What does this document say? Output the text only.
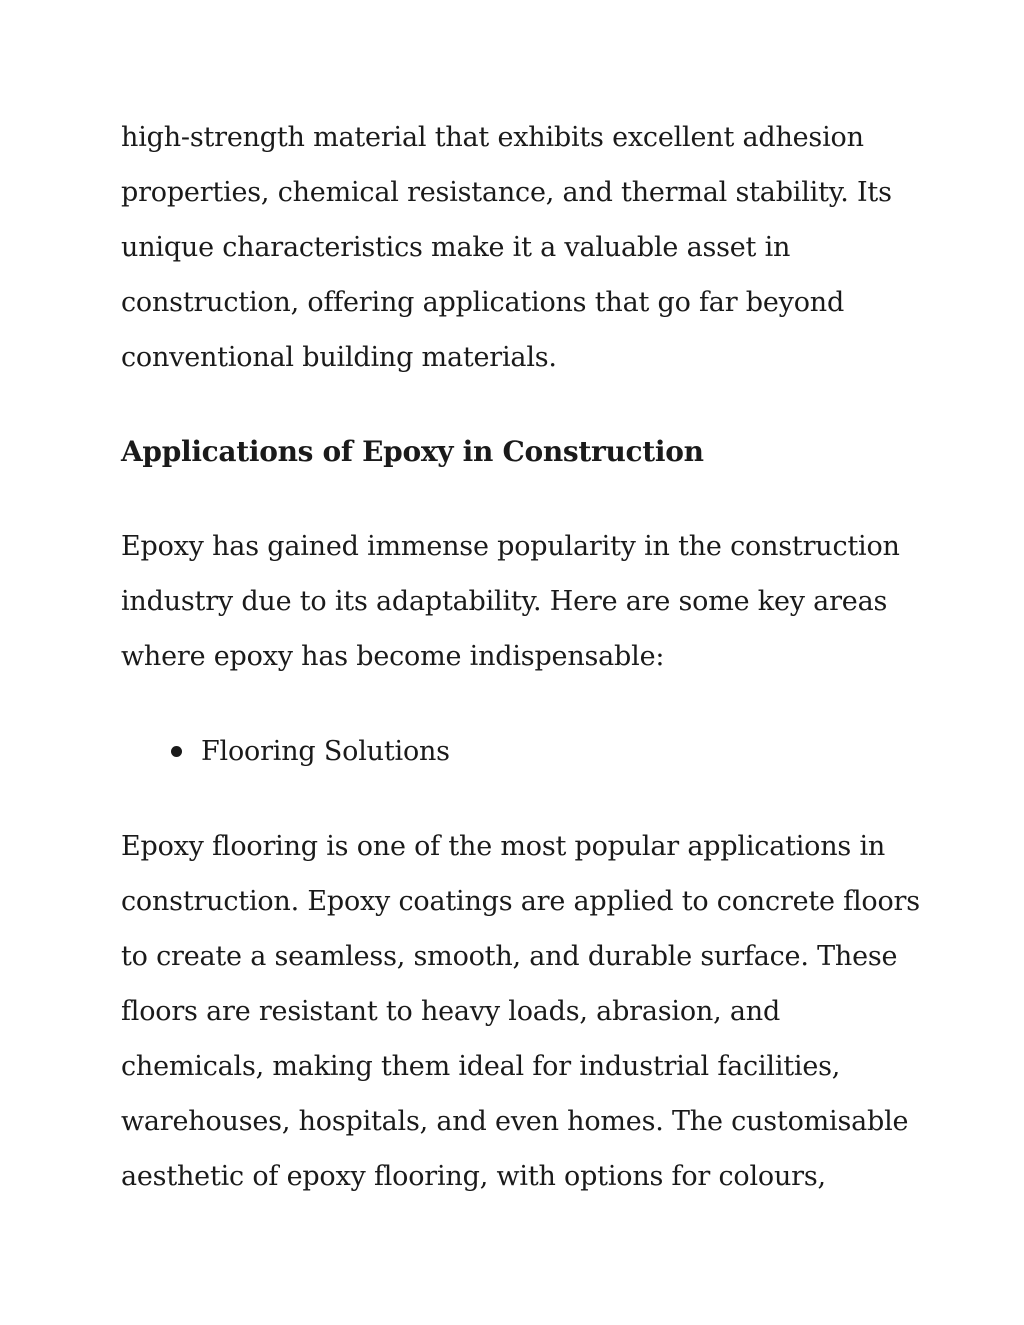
high-strength material that exhibits excellent adhesion properties, chemical resistance, and thermal stability. Its unique characteristics make it a valuable asset in construction, offering applications that go far beyond conventional building materials.

Applications of Epoxy in Construction

Epoxy has gained immense popularity in the construction industry due to its adaptability. Here are some key areas where epoxy has become indispensable:

Flooring Solutions

Epoxy flooring is one of the most popular applications in construction. Epoxy coatings are applied to concrete floors to create a seamless, smooth, and durable surface. These floors are resistant to heavy loads, abrasion, and chemicals, making them ideal for industrial facilities, warehouses, hospitals, and even homes. The customisable aesthetic of epoxy flooring, with options for colours,
